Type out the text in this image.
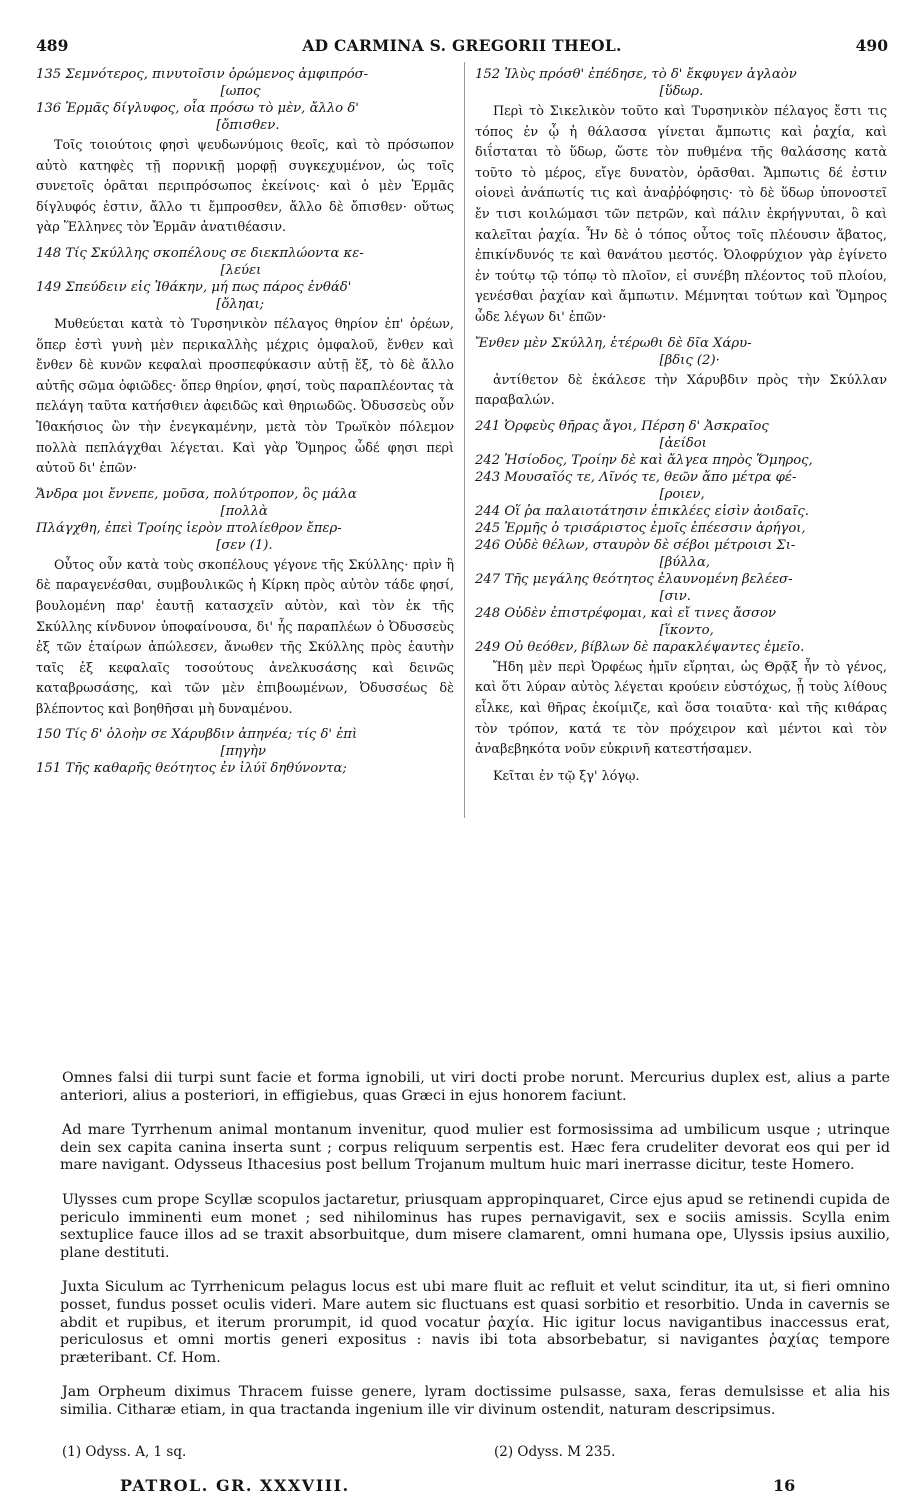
489	AD CARMINA S. GREGORII THEOL.	490

135 Σεμνότερος, πινυτοῖσιν ὁρώμενος ἀμφιπρόσ-
[ωπος

136 Ἑρμᾶς δίγλυφος, οἷα πρόσω τὸ μὲν, ἄλλο δ'
[ὄπισθεν.

Τοῖς τοιούτοις φησὶ ψευδωνύμοις θεοῖς, καὶ τὸ πρόσωπον αὐτὸ κατηφὲς τῇ πορνικῇ μορφῇ συγκεχυμένον, ὡς τοῖς συνετοῖς ὁρᾶται περιπρόσωπος ἐκείνοις· καὶ ὁ μὲν Ἑρμᾶς δίγλυφός ἐστιν, ἄλλο τι ἔμπροσθεν, ἄλλο δὲ ὄπισθεν· οὕτως γὰρ Ἕλληνες τὸν Ἑρμᾶν ἀνατιθέασιν.

148 Τίς Σκύλλης σκοπέλους σε διεκπλώοντα κε-
[λεύει

149 Σπεύδειν εἰς Ἰθάκην, μή πως πάρος ἐνθάδ'
[ὄληαι;

Μυθεύεται κατὰ τὸ Τυρσηνικὸν πέλαγος θηρίον ἐπ' ὀρέων, ὅπερ ἐστὶ γυνὴ μὲν περικαλλὴς μέχρις ὀμφαλοῦ, ἔνθεν καὶ ἔνθεν δὲ κυνῶν κεφαλαὶ προσπεφύκασιν αὐτῇ ἕξ, τὸ δὲ ἄλλο αὐτῆς σῶμα ὀφιῶδες· ὅπερ θηρίον, φησί, τοὺς παραπλέοντας τὰ πελάγη ταῦτα κατήσθιεν ἀφειδῶς καὶ θηριωδῶς. Ὀδυσσεὺς οὖν Ἰθακήσιος ὢν τὴν ἐνεγκαμένην, μετὰ τὸν Τρωϊκὸν πόλεμον πολλὰ πεπλάγχθαι λέγεται. Καὶ γὰρ Ὅμηρος ὧδέ φησι περὶ αὐτοῦ δι' ἐπῶν·

Ἄνδρα μοι ἔννεπε, μοῦσα, πολύτροπον, ὃς μάλα
[πολλὰ
Πλάγχθη, ἐπεὶ Τροίης ἱερὸν πτολίεθρον ἔπερ-
[σεν (1).

Οὗτος οὖν κατὰ τοὺς σκοπέλους γέγονε τῆς Σκύλλης· πρὶν ἢ δὲ παραγενέσθαι, συμβουλικῶς ἡ Κίρκη πρὸς αὐτὸν τάδε φησί, βουλομένη παρ' ἑαυτῇ κατασχεῖν αὐτὸν, καὶ τὸν ἐκ τῆς Σκύλλης κίνδυνον ὑποφαίνουσα, δι' ἧς παραπλέων ὁ Ὀδυσσεὺς ἐξ τῶν ἑταίρων ἀπώλεσεν, ἄνωθεν τῆς Σκύλλης πρὸς ἑαυτὴν ταῖς ἐξ κεφαλαῖς τοσούτους ἀνελκυσάσης καὶ δεινῶς καταβρωσάσης, καὶ τῶν μὲν ἐπιβοωμένων, Ὀδυσσέως δὲ βλέποντος καὶ βοηθῆσαι μὴ δυναμένου.

150 Τίς δ' ὀλοὴν σε Χάρυβδιν ἀπηνέα; τίς δ' ἐπὶ
[πηγὴν
151 Τῆς καθαρῆς θεότητος ἐν ἰλύϊ δηθύνοντα;

152 Ἰλὺς πρόσθ' ἐπέδησε, τὸ δ' ἔκφυγεν ἀγλαὸν
[ὕδωρ.

Περὶ τὸ Σικελικὸν τοῦτο καὶ Τυρσηνικὸν πέλαγος ἔστι τις τόπος ἐν ᾧ ἡ θάλασσα γίνεται ἄμπωτις καὶ ῥαχία, καὶ διΐσταται τὸ ὕδωρ, ὥστε τὸν πυθμένα τῆς θαλάσσης κατὰ τοῦτο τὸ μέρος, εἴγε δυνατὸν, ὁρᾶσθαι. Ἄμπωτις δέ ἐστιν οἱονεὶ ἀνάπωτίς τις καὶ ἀναῤῥόφησις· τὸ δὲ ὕδωρ ὑπονοστεῖ ἔν τισι κοιλώμασι τῶν πετρῶν, καὶ πάλιν ἐκρήγνυται, ὃ καὶ καλεῖται ῥαχία. Ἦν δὲ ὁ τόπος οὗτος τοῖς πλέουσιν ἄβατος, ἐπικίνδυνός τε καὶ θανάτου μεστός. Ὀλοφρύχιον γὰρ ἐγίνετο ἐν τούτῳ τῷ τόπῳ τὸ πλοῖον, εἰ συνέβη πλέοντος τοῦ πλοίου, γενέσθαι ῥαχίαν καὶ ἄμπωτιν. Μέμνηται τούτων καὶ Ὅμηρος ὧδε λέγων δι' ἐπῶν·

Ἔνθεν μὲν Σκύλλη, ἑτέρωθι δὲ δῖα Χάρυ-
[βδις (2)·

ἀντίθετον δὲ ἐκάλεσε τὴν Χάρυβδιν πρὸς τὴν Σκύλλαν παραβαλών.

241 Ὀρφεὺς θῆρας ἄγοι, Πέρση δ' Ἀσκραῖος
[ἀείδοι
242 Ἡσίοδος, Τροίην δὲ καὶ ἄλγεα πηρὸς Ὅμηρος,
243 Μουσαῖός τε, Λῖνός τε, θεῶν ἄπο μέτρα φέ-
[ροιεν,
244 Οἵ ῥα παλαιοτάτησιν ἐπικλέες εἰσὶν ἀοιδαῖς.
245 Ἑρμῆς ὁ τρισάριστος ἐμοῖς ἐπέεσσιν ἀρήγοι,
246 Οὐδὲ θέλων, σταυρὸν δὲ σέβοι μέτροισι Σι-
[βύλλα,
247 Τῆς μεγάλης θεότητος ἐλαυνομένη βελέεσ-
[σιν.
248 Οὐδὲν ἐπιστρέφομαι, καὶ εἴ τινες ἄσσον
[ἵκοντο,
249 Οὐ θεόθεν, βίβλων δὲ παρακλέψαντες ἐμεῖο.

Ἤδη μὲν περὶ Ὀρφέως ἡμῖν εἴρηται, ὡς Θρᾷξ ἦν τὸ γένος, καὶ ὅτι λύραν αὐτὸς λέγεται κρούειν εὐστόχως, ᾗ τοὺς λίθους εἷλκε, καὶ θῆρας ἐκοίμιζε, καὶ ὅσα τοιαῦτα· καὶ τῆς κιθάρας τὸν τρόπον, κατά τε τὸν πρόχειρον καὶ μέντοι καὶ τὸν ἀναβεβηκότα νοῦν εὐκρινῆ κατεστήσαμεν.

Κεῖται ἐν τῷ ξγ' λόγῳ.

Omnes falsi dii turpi sunt facie et forma ignobili, ut viri docti probe norunt. Mercurius duplex est, alius a parte anteriori, alius a posteriori, in effigiebus, quas Græci in ejus honorem faciunt.

Ad mare Tyrrhenum animal montanum invenitur, quod mulier est formosissima ad umbilicum usque ; utrinque dein sex capita canina inserta sunt ; corpus reliquum serpentis est. Hæc fera crudeliter devorat eos qui per id mare navigant. Odysseus Ithacesius post bellum Trojanum multum huic mari inerrasse dicitur, teste Homero.

Ulysses cum prope Scyllæ scopulos jactaretur, priusquam appropinquaret, Circe ejus apud se retinendi cupida de periculo imminenti eum monet ; sed nihilominus has rupes pernavigavit, sex e sociis amissis. Scylla enim sextuplice fauce illos ad se traxit absorbuitque, dum misere clamarent, omni humana ope, Ulyssis ipsius auxilio, plane destituti.

Juxta Siculum ac Tyrrhenicum pelagus locus est ubi mare fluit ac refluit et velut scinditur, ita ut, si fieri omnino posset, fundus posset oculis videri. Mare autem sic fluctuans est quasi sorbitio et resorbitio. Unda in cavernis se abdit et rupibus, et iterum prorumpit, id quod vocatur ῥαχία. Hic igitur locus navigantibus inaccessus erat, periculosus et omni mortis generi expositus : navis ibi tota absorbebatur, si navigantes ῥαχίας tempore præteribant. Cf. Hom.

Jam Orpheum diximus Thracem fuisse genere, lyram doctissime pulsasse, saxa, feras demulsisse et alia his similia. Citharæ etiam, in qua tractanda ingenium ille vir divinum ostendit, naturam descripsimus.

(1) Odyss. A, 1 sq.	(2) Odyss. M 235.
PATROL. GR. XXXVIII.	16
